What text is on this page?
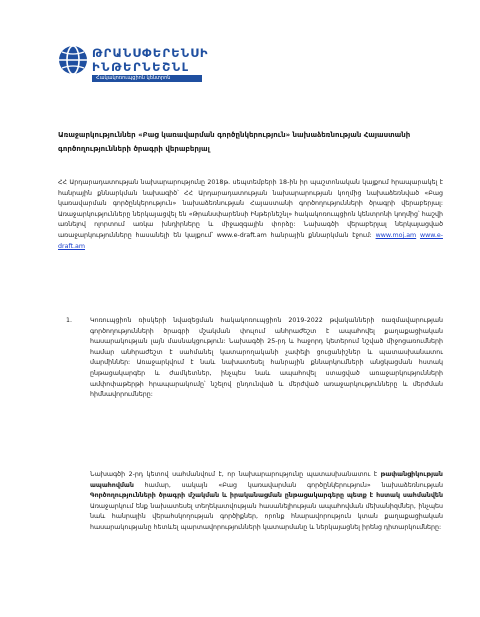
ԹՐԱՆՍՓԵՐԵՆՍԻ
ԻՆԹԵՐՆԵՇՆԼ
Հակակոռուպցիոն կենտրոն
Առաջարկություններ «Բաց կառավարման գործընկերություն» նախաձեռնության Հայաստանի գործողությունների ծրագրի վերաբերյալ
ՀՀ Արդարադատության նախարարությունը 2018թ. սեպտեմբերի 18-ին իր պաշտոնական կայքում հրապարակել է հանրային քննարկման նախագիծ՝ ՀՀ Արդարադատության նախարարության կողմից նախաձեռնված «Բաց կառավարման գործընկերություն» նախաձեռնության Հայաստանի գործողությունների ծրագրի վերաբերյալ: Առաջարկությունները ներկայացվել են «Թրանսփարենսի Ինթերնեշնլ» հակակոռուպցիոն կենտրոնի կողմից՝ հաշվի առնելով ոլորտում առկա խնդիրները և միջազգային փորձը: Նախագծի վերաբերյալ ներկայացված առաջարկությունները հասանելի են կայքում՝ www.e-draft.am հանրային քննարկման էջում: www.moj.am www.e-draft.am
1.	Կոռուպցիոն ռիսկերի նվազեցման հակակոռուպցիոն 2019-2022 թվականների ռազմավարության գործողությունների ծրագրի մշակման փուլում անհրաժեշտ է ապահովել քաղաքացիական հասարակության լայն մասնակցություն: Նախագծի 25-րդ և հաջորդ կետերում նշված միջոցառումների համար անհրաժեշտ է սահմանել կատարողականի չափելի ցուցանիշներ և պատասխանատու մարմիններ: Առաջարկվում է նաև նախատեսել հանրային քննարկումների անցկացման հստակ ընթացակարգեր և ժամկետներ, ինչպես նաև ապահովել ստացված առաջարկությունների ամփոփաթերթի հրապարակումը՝ նշելով ընդունված և մերժված առաջարկությունները և մերժման հիմնավորումները:
Նախագծի 2-րդ կետով սահմանվում է, որ նախարարությունը պատասխանատու է թափանցիկության ապահովման համար, սակայն «Բաց կառավարման գործընկերություն» նախաձեռնության Գործողությունների ծրագրի մշակման և իրականացման ընթացակարգերը պետք է հստակ սահմանվեն Առաջարկում ենք նախատեսել տեղեկատվության հասանելիության ապահովման մեխանիզմներ, ինչպես նաև հանրային վերահսկողության գործիքներ, որոնք հնարավորություն կտան քաղաքացիական հասարակությանը հետևել պարտավորությունների կատարմանը և ներկայացնել իրենց դիտարկումները:
